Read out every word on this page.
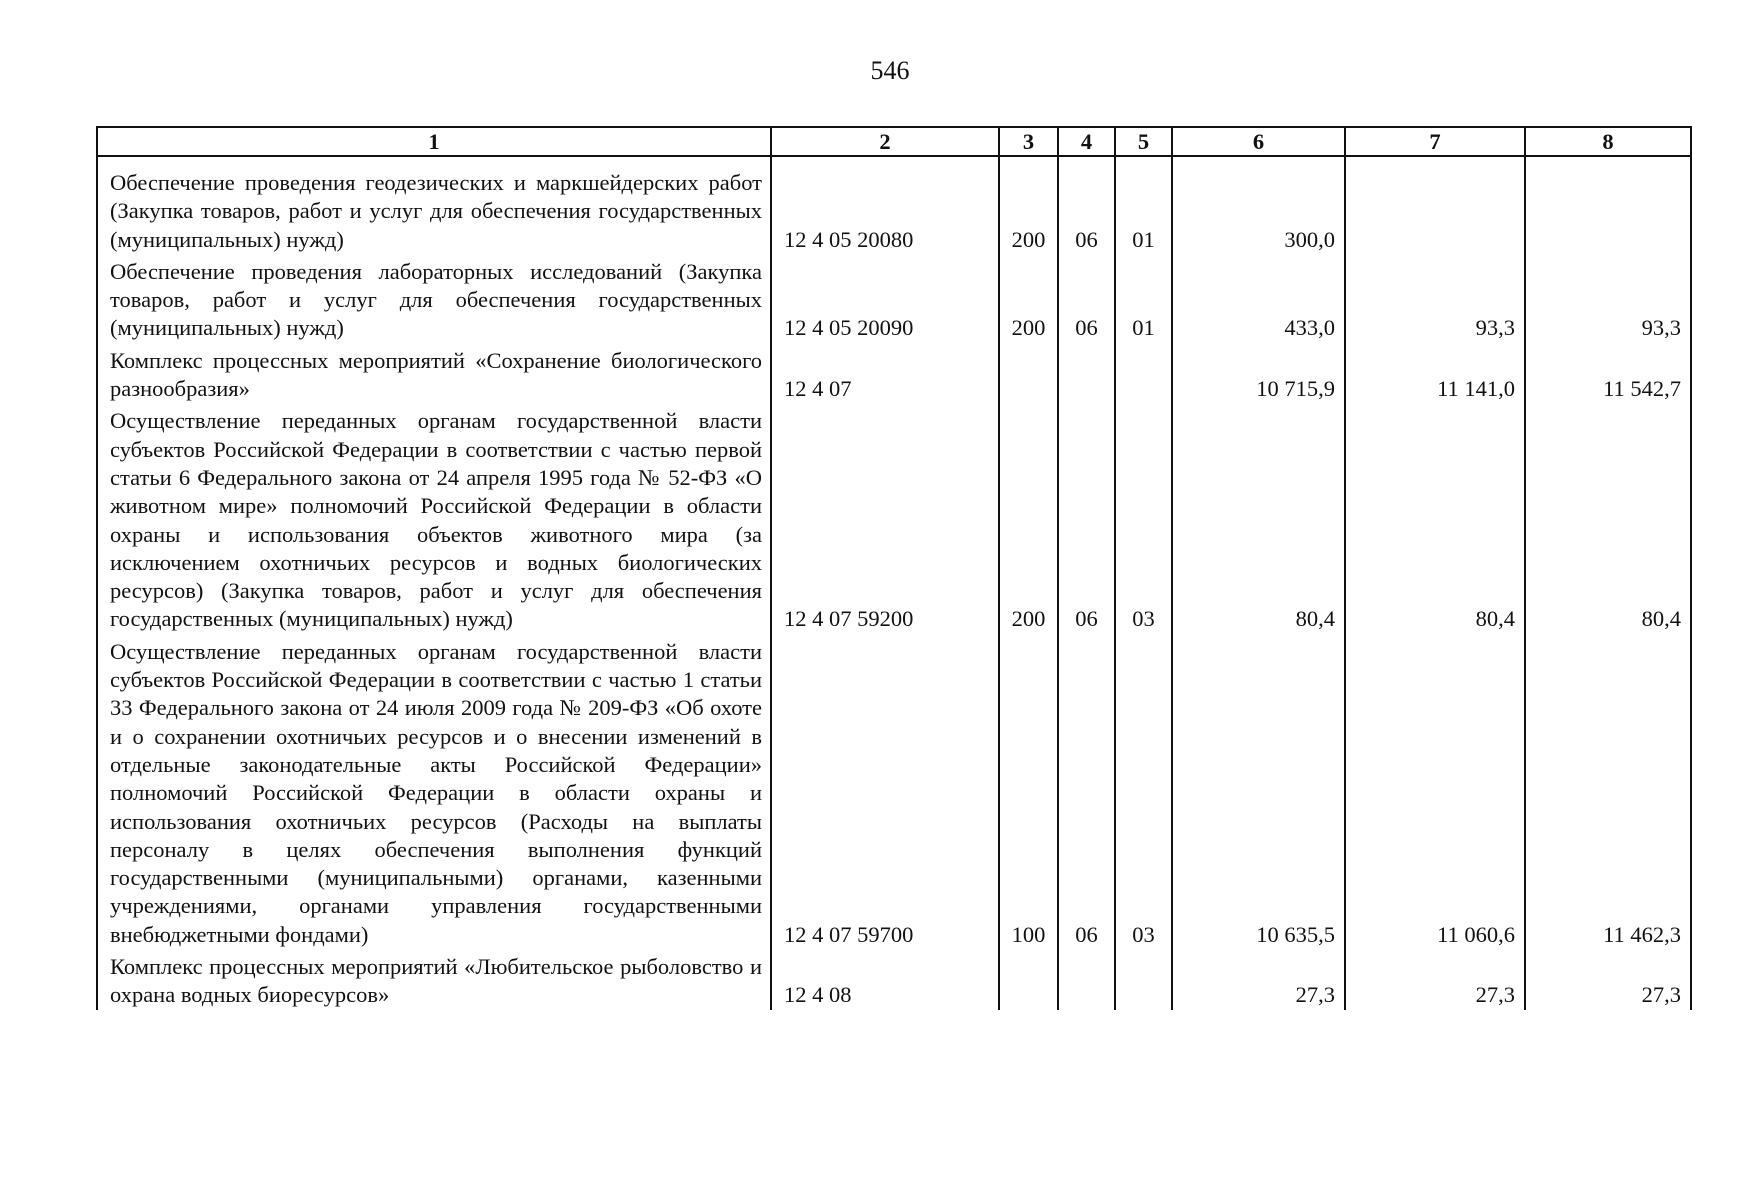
546
1	2	3	4	5	6	7	8
Обеспечение проведения геодезических и маркшейдерских работ (Закупка товаров, работ и услуг для обеспечения государственных (муниципальных) нужд)	12 4 05 20080	200	06	01	300,0		
Обеспечение проведения лабораторных исследований (Закупка товаров, работ и услуг для обеспечения государственных (муниципальных) нужд)	12 4 05 20090	200	06	01	433,0	93,3	93,3
Комплекс процессных мероприятий «Сохранение биологического разнообразия»	12 4 07				10 715,9	11 141,0	11 542,7
Осуществление переданных органам государственной власти субъектов Российской Федерации в соответствии с частью первой статьи 6 Федерального закона от 24 апреля 1995 года № 52-ФЗ «О животном мире» полномочий Российской Федерации в области охраны и использования объектов животного мира (за исключением охотничьих ресурсов и водных биологических ресурсов) (Закупка товаров, работ и услуг для обеспечения государственных (муниципальных) нужд)	12 4 07 59200	200	06	03	80,4	80,4	80,4
Осуществление переданных органам государственной власти субъектов Российской Федерации в соответствии с частью 1 статьи 33 Федерального закона от 24 июля 2009 года № 209-ФЗ «Об охоте и о сохранении охотничьих ресурсов и о внесении изменений в отдельные законодательные акты Российской Федерации» полномочий Российской Федерации в области охраны и использования охотничьих ресурсов (Расходы на выплаты персоналу в целях обеспечения выполнения функций государственными (муниципальными) органами, казенными учреждениями, органами управления государственными внебюджетными фондами)	12 4 07 59700	100	06	03	10 635,5	11 060,6	11 462,3
Комплекс процессных мероприятий «Любительское рыболовство и охрана водных биоресурсов»	12 4 08				27,3	27,3	27,3
